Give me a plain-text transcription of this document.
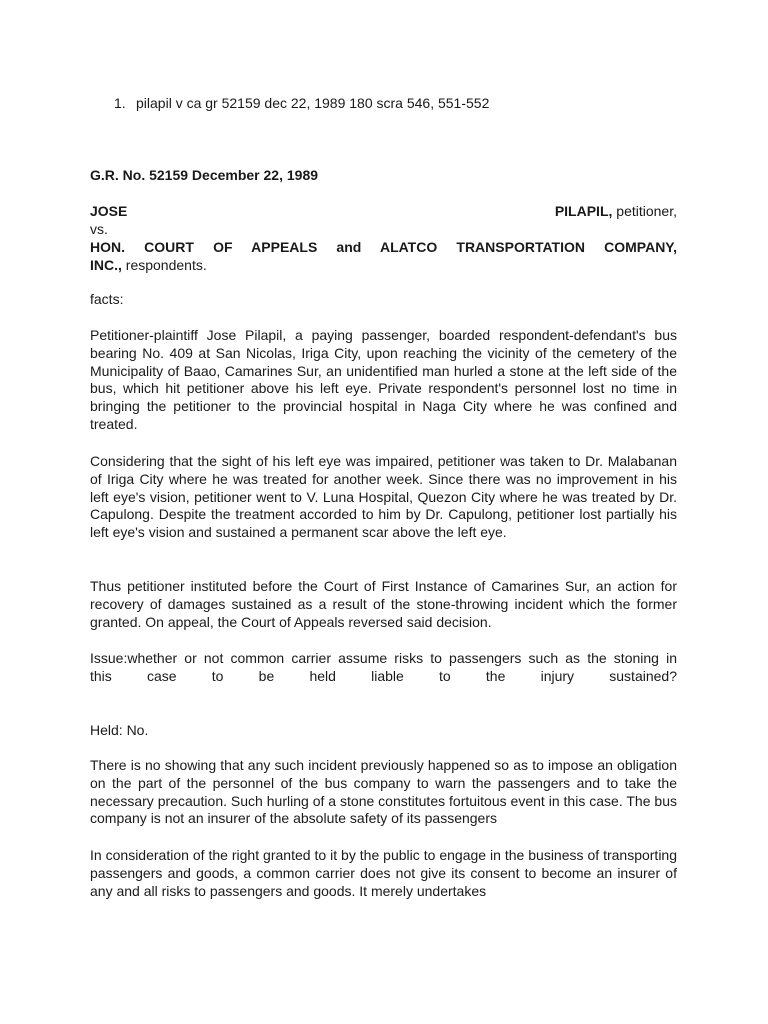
1. pilapil v ca gr 52159 dec 22, 1989 180 scra 546, 551-552
G.R. No. 52159 December 22, 1989
JOSE	PILAPIL, petitioner,
vs.
HON. COURT OF APPEALS and ALATCO TRANSPORTATION COMPANY,
INC., respondents.
facts:
Petitioner-plaintiff Jose Pilapil, a paying passenger, boarded respondent-defendant's bus bearing No. 409 at San Nicolas, Iriga City, upon reaching the vicinity of the cemetery of the Municipality of Baao, Camarines Sur, an unidentified man hurled a stone at the left side of the bus, which hit petitioner above his left eye. Private respondent's personnel lost no time in bringing the petitioner to the provincial hospital in Naga City where he was confined and treated.
Considering that the sight of his left eye was impaired, petitioner was taken to Dr. Malabanan of Iriga City where he was treated for another week. Since there was no improvement in his left eye's vision, petitioner went to V. Luna Hospital, Quezon City where he was treated by Dr. Capulong. Despite the treatment accorded to him by Dr. Capulong, petitioner lost partially his left eye's vision and sustained a permanent scar above the left eye.
Thus petitioner instituted before the Court of First Instance of Camarines Sur, an action for recovery of damages sustained as a result of the stone-throwing incident which the former granted. On appeal, the Court of Appeals reversed said decision.
Issue:whether or not common carrier assume risks to passengers such as the stoning in
this	case	to	be	held	liable	to	the	injury	sustained?
Held: No.
There is no showing that any such incident previously happened so as to impose an obligation on the part of the personnel of the bus company to warn the passengers and to take the necessary precaution. Such hurling of a stone constitutes fortuitous event in this case. The bus company is not an insurer of the absolute safety of its passengers
In consideration of the right granted to it by the public to engage in the business of transporting passengers and goods, a common carrier does not give its consent to become an insurer of any and all risks to passengers and goods. It merely undertakes
